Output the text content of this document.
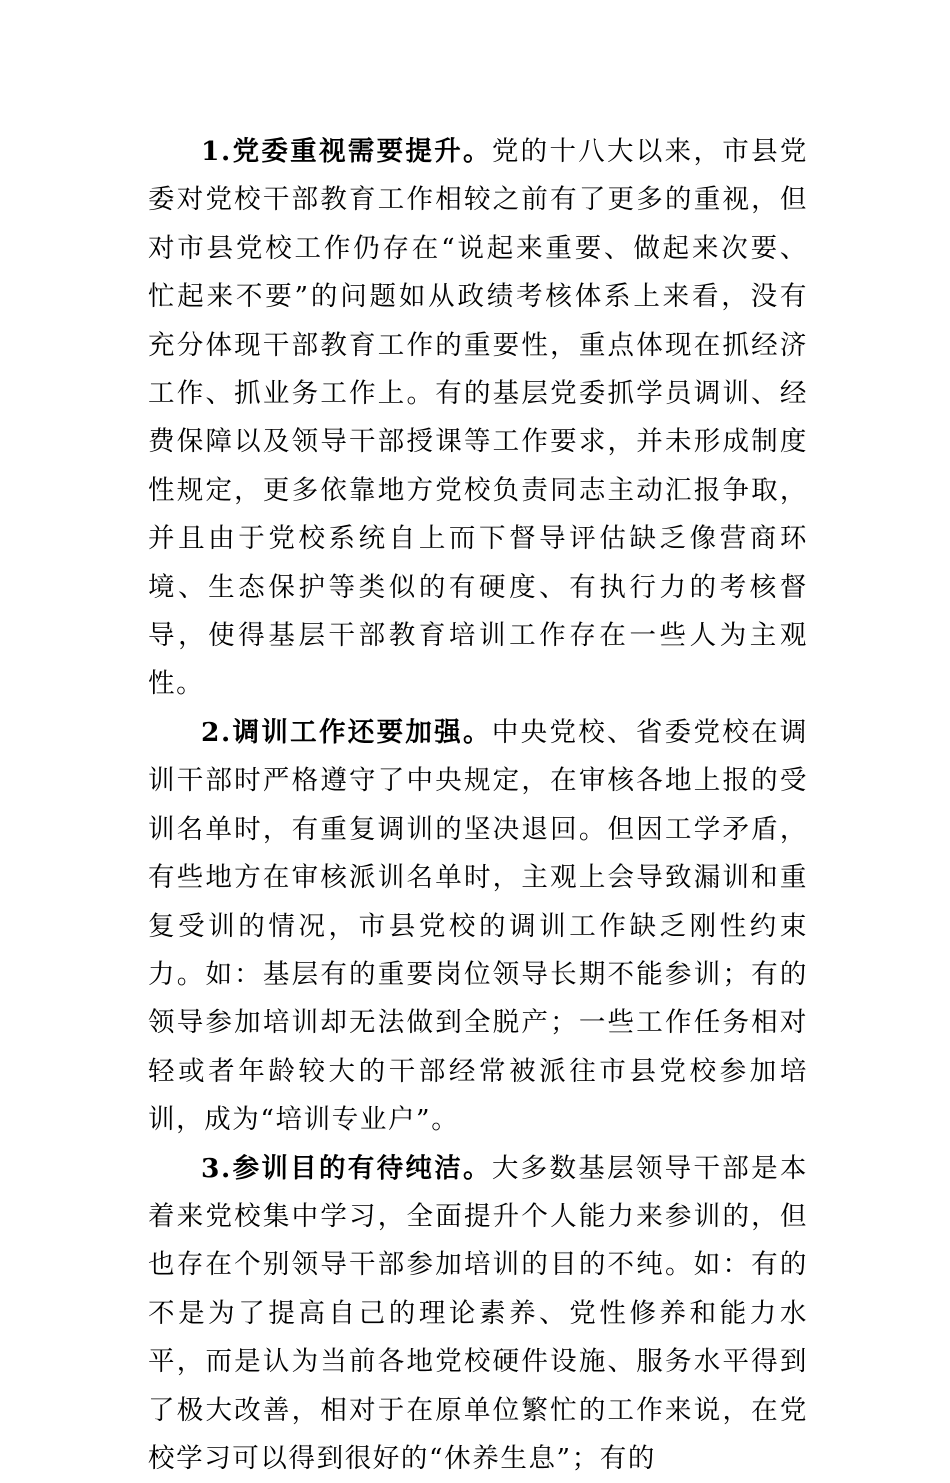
1.党委重视需要提升。党的十八大以来，市县党委对党校干部教育工作相较之前有了更多的重视，但对市县党校工作仍存在“说起来重要、做起来次要、忙起来不要”的问题如从政绩考核体系上来看，没有充分体现干部教育工作的重要性，重点体现在抓经济工作、抓业务工作上。有的基层党委抓学员调训、经费保障以及领导干部授课等工作要求，并未形成制度性规定，更多依靠地方党校负责同志主动汇报争取，并且由于党校系统自上而下督导评估缺乏像营商环境、生态保护等类似的有硬度、有执行力的考核督导，使得基层干部教育培训工作存在一些人为主观性。

2.调训工作还要加强。中央党校、省委党校在调训干部时严格遵守了中央规定，在审核各地上报的受训名单时，有重复调训的坚决退回。但因工学矛盾，有些地方在审核派训名单时，主观上会导致漏训和重复受训的情况，市县党校的调训工作缺乏刚性约束力。如：基层有的重要岗位领导长期不能参训；有的领导参加培训却无法做到全脱产；一些工作任务相对轻或者年龄较大的干部经常被派往市县党校参加培训，成为“培训专业户”。

3.参训目的有待纯洁。大多数基层领导干部是本着来党校集中学习，全面提升个人能力来参训的，但也存在个别领导干部参加培训的目的不纯。如：有的不是为了提高自己的理论素养、党性修养和能力水平，而是认为当前各地党校硬件设施、服务水平得到了极大改善，相对于在原单位繁忙的工作来说，在党校学习可以得到很好的“休养生息”；有的
